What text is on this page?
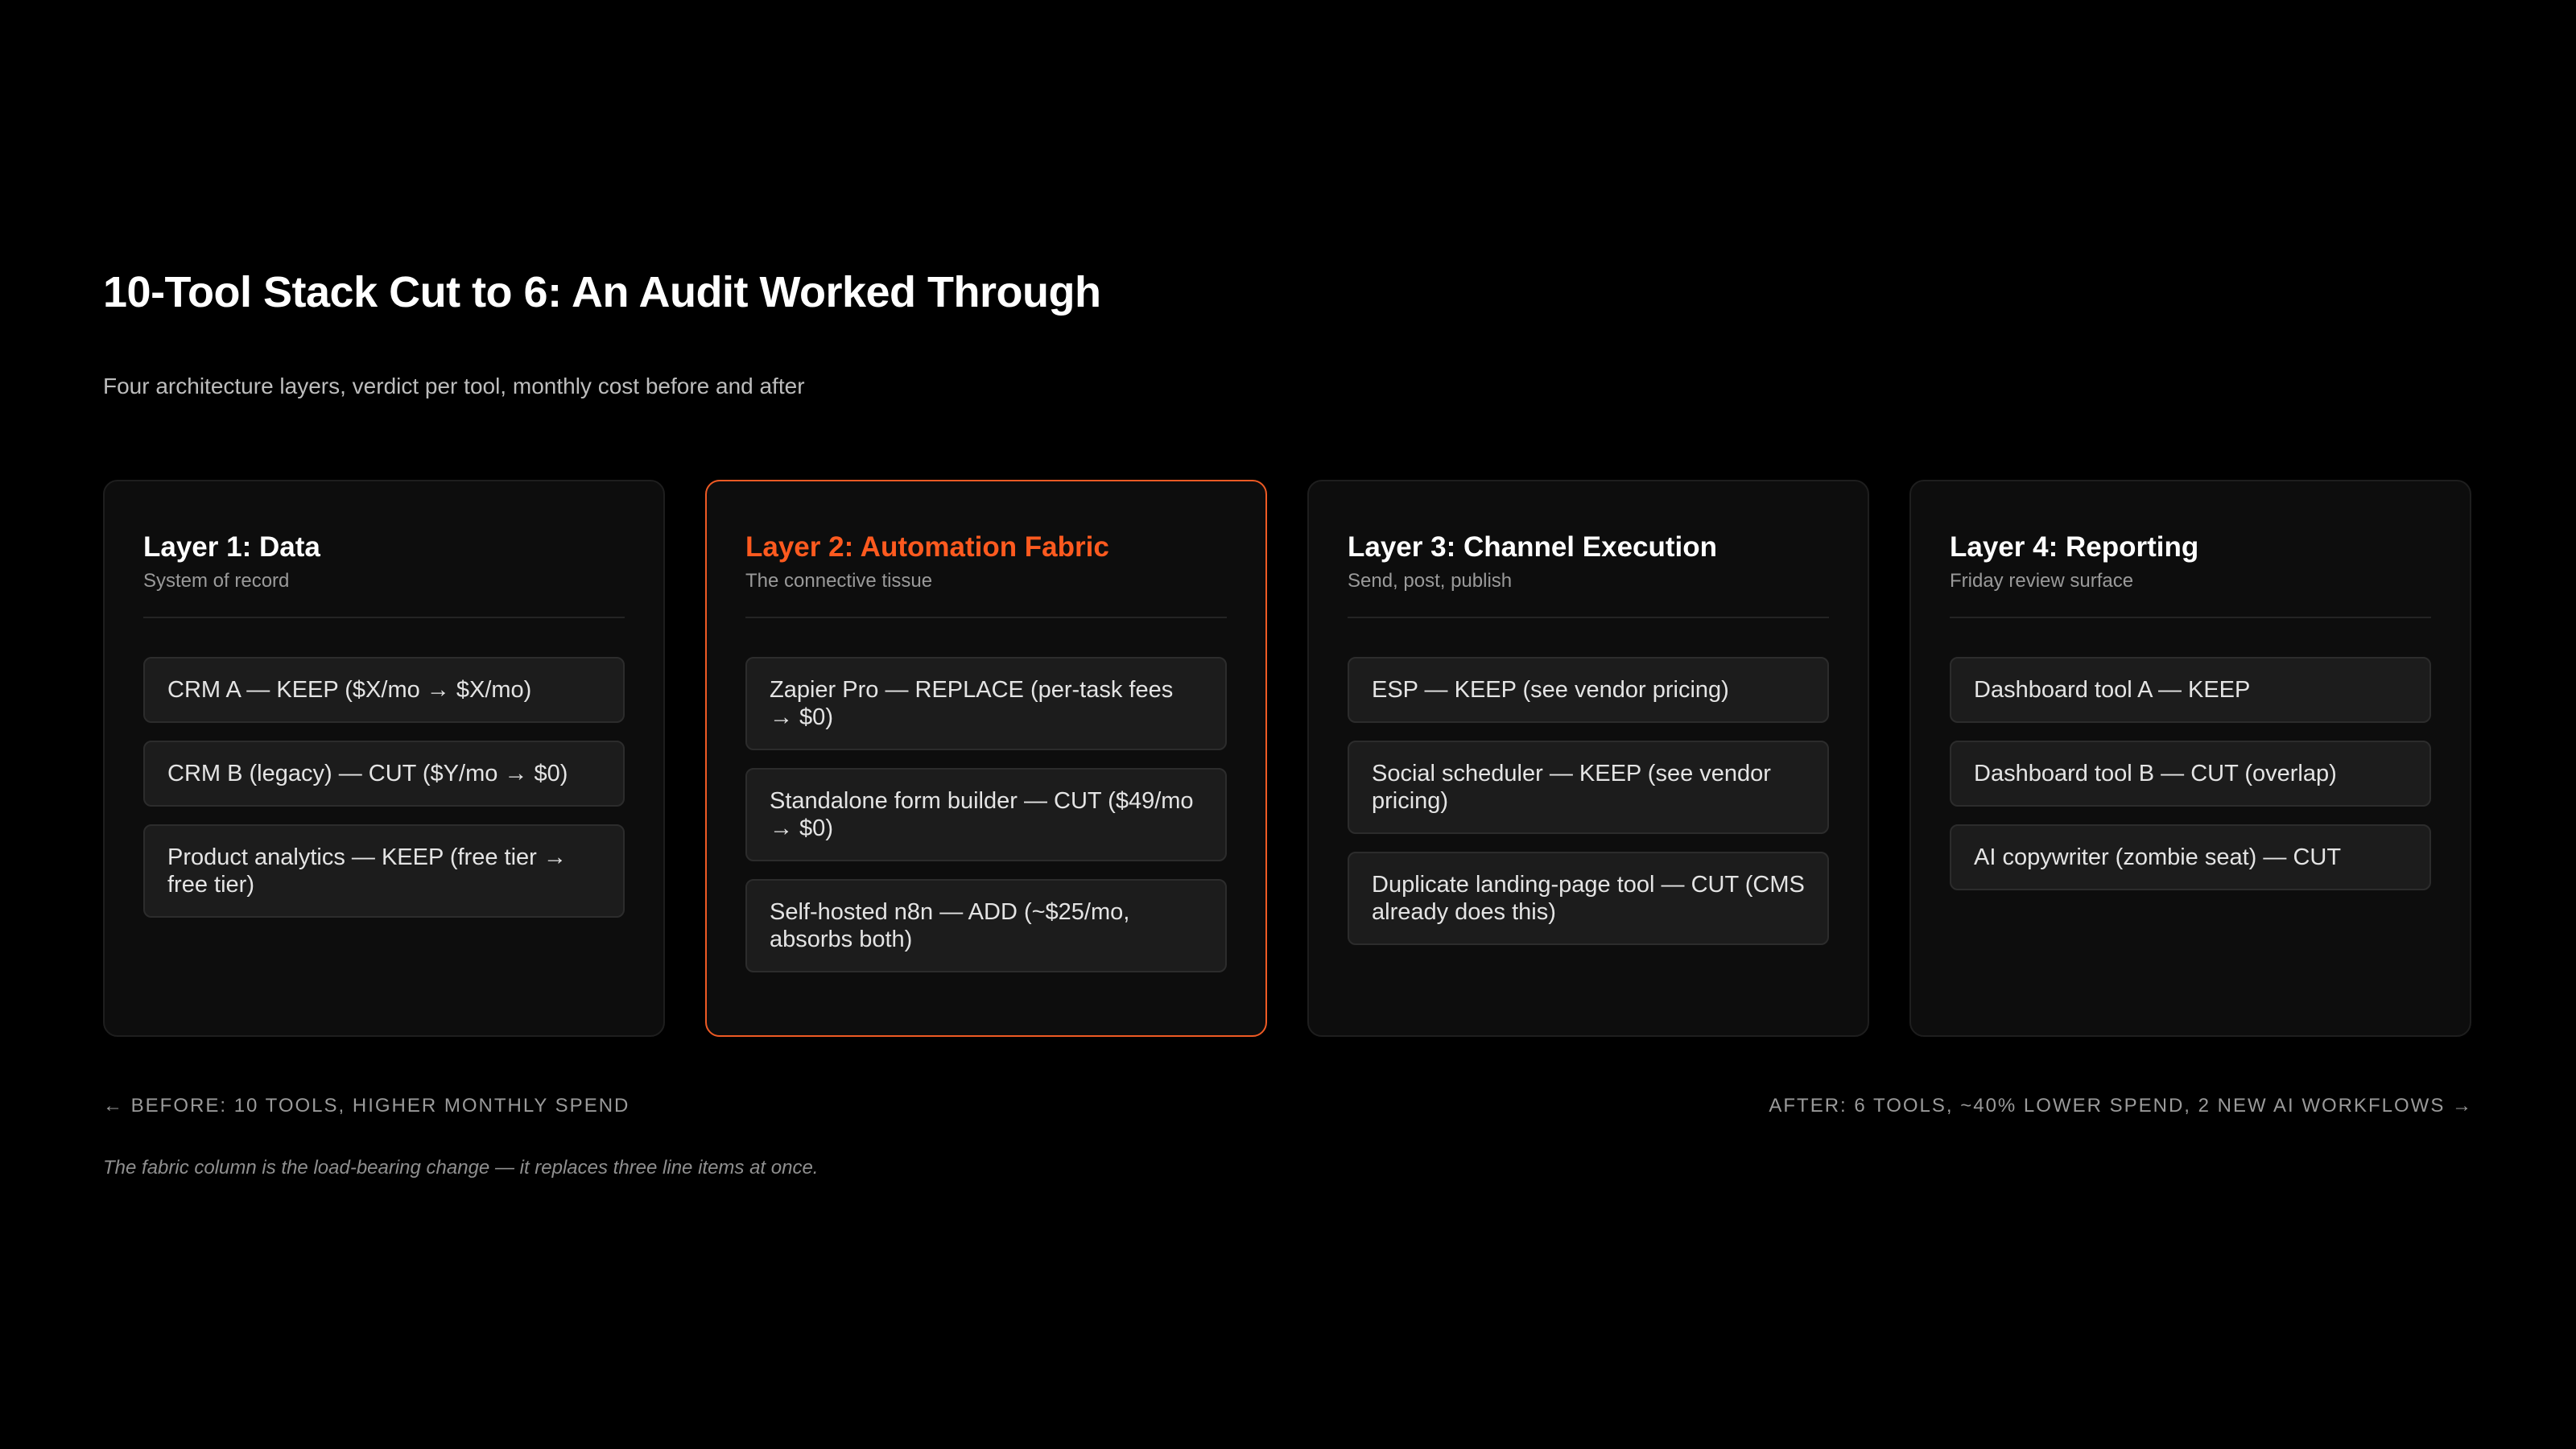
10-Tool Stack Cut to 6: An Audit Worked Through

Four architecture layers, verdict per tool, monthly cost before and after

Layer 1: Data

System of record

CRM A — KEEP ($X/mo → $X/mo)
CRM B (legacy) — CUT ($Y/mo → $0)
Product analytics — KEEP (free tier → free tier)
Layer 2: Automation Fabric

The connective tissue

Zapier Pro — REPLACE (per-task fees → $0)
Standalone form builder — CUT ($49/mo → $0)
Self-hosted n8n — ADD (~$25/mo, absorbs both)
Layer 3: Channel Execution

Send, post, publish

ESP — KEEP (see vendor pricing)
Social scheduler — KEEP (see vendor pricing)
Duplicate landing-page tool — CUT (CMS already does this)
Layer 4: Reporting

Friday review surface

Dashboard tool A — KEEP
Dashboard tool B — CUT (overlap)
AI copywriter (zombie seat) — CUT
← BEFORE: 10 TOOLS, HIGHER MONTHLY SPEND	AFTER: 6 TOOLS, ~40% LOWER SPEND, 2 NEW AI WORKFLOWS →
The fabric column is the load-bearing change — it replaces three line items at once.
